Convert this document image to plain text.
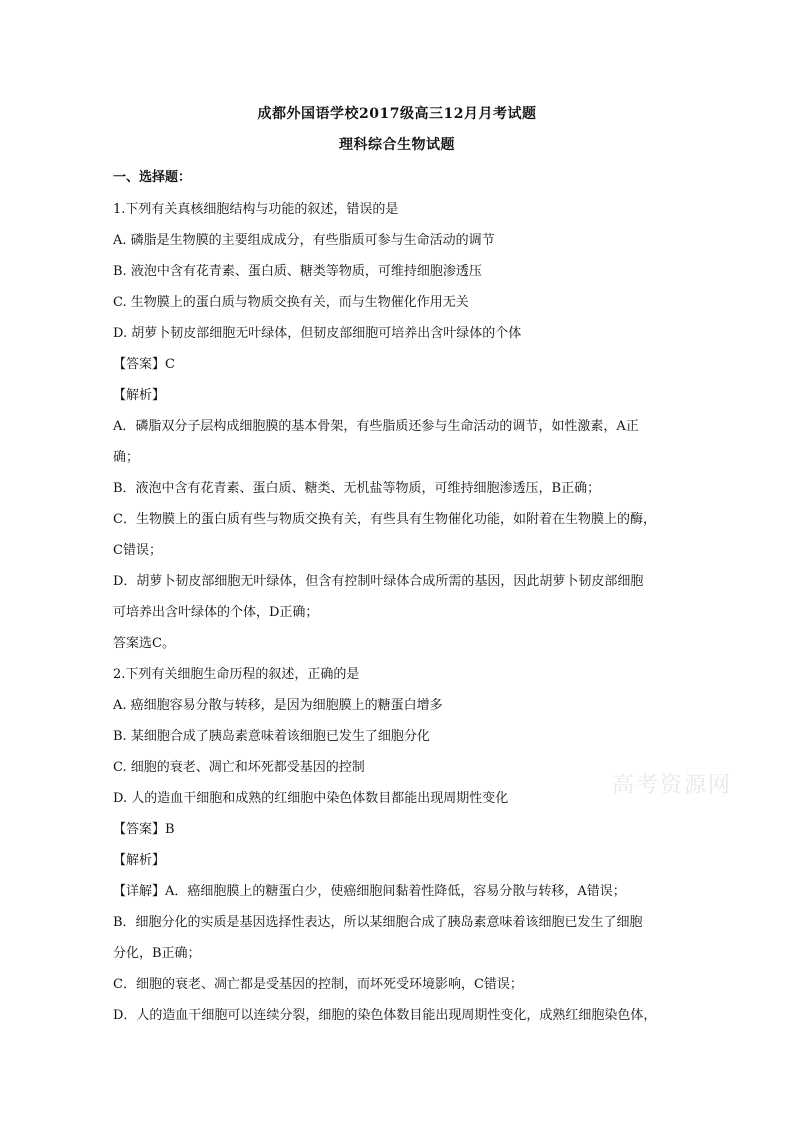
成都外国语学校2017级高三12月月考试题
理科综合生物试题
一、选择题：
1.下列有关真核细胞结构与功能的叙述，错误的是
A. 磷脂是生物膜的主要组成成分，有些脂质可参与生命活动的调节
B. 液泡中含有花青素、蛋白质、糖类等物质，可维持细胞渗透压
C. 生物膜上的蛋白质与物质交换有关，而与生物催化作用无关
D. 胡萝卜韧皮部细胞无叶绿体，但韧皮部细胞可培养出含叶绿体的个体
【答案】C
【解析】
A．磷脂双分子层构成细胞膜的基本骨架，有些脂质还参与生命活动的调节，如性激素，A正
确；
B．液泡中含有花青素、蛋白质、糖类、无机盐等物质，可维持细胞渗透压，B正确；
C．生物膜上的蛋白质有些与物质交换有关，有些具有生物催化功能，如附着在生物膜上的酶，
C错误；
D．胡萝卜韧皮部细胞无叶绿体，但含有控制叶绿体合成所需的基因，因此胡萝卜韧皮部细胞
可培养出含叶绿体的个体，D正确；
答案选C。
2.下列有关细胞生命历程的叙述，正确的是
A. 癌细胞容易分散与转移，是因为细胞膜上的糖蛋白增多
B. 某细胞合成了胰岛素意味着该细胞已发生了细胞分化
C. 细胞的衰老、凋亡和坏死都受基因的控制
D. 人的造血干细胞和成熟的红细胞中染色体数目都能出现周期性变化
【答案】B
【解析】
【详解】A．癌细胞膜上的糖蛋白少，使癌细胞间黏着性降低，容易分散与转移，A错误；
B．细胞分化的实质是基因选择性表达，所以某细胞合成了胰岛素意味着该细胞已发生了细胞
分化，B正确；
C．细胞的衰老、凋亡都是受基因的控制，而坏死受环境影响，C错误；
D．人的造血干细胞可以连续分裂，细胞的染色体数目能出现周期性变化，成熟红细胞染色体，
高考资源网
